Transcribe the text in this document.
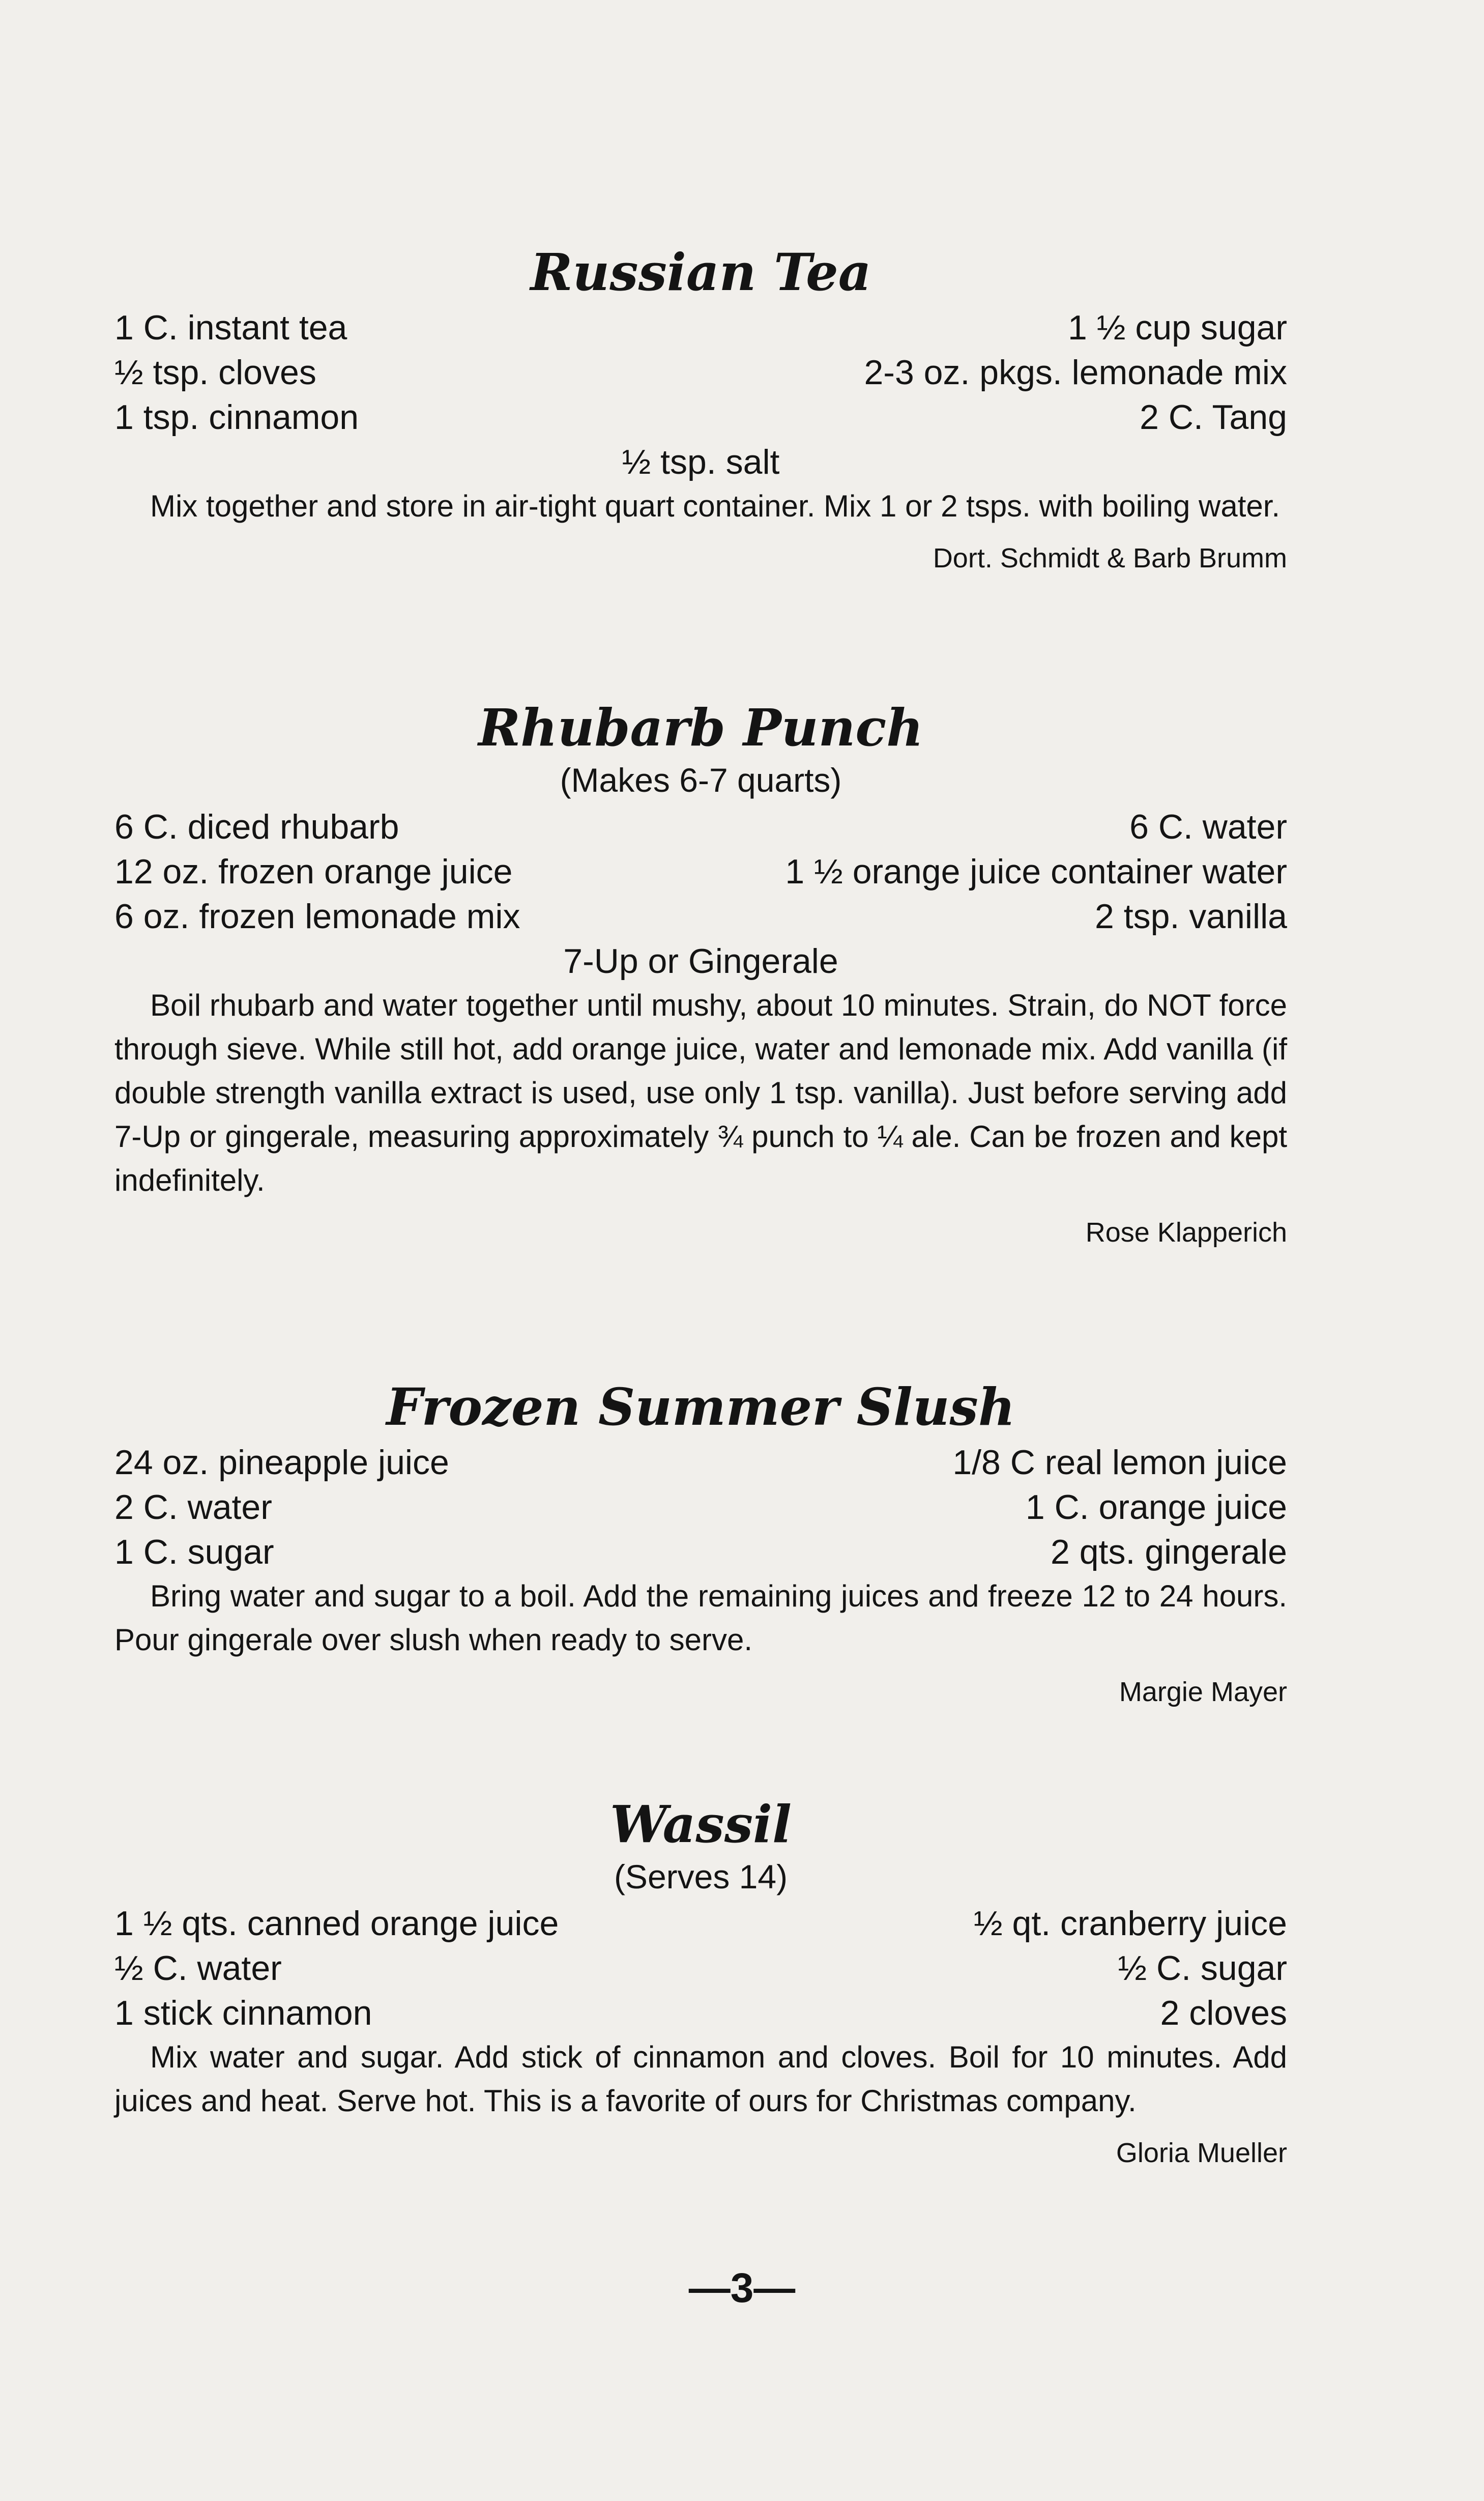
Russian Tea
1 C. instant tea	1 ½ cup sugar
½ tsp. cloves	2-3 oz. pkgs. lemonade mix
1 tsp. cinnamon	2 C. Tang
½ tsp. salt

Mix together and store in air-tight quart container. Mix 1 or 2 tsps. with boiling water.

Dort. Schmidt & Barb Brumm
Rhubarb Punch
(Makes 6-7 quarts)
6 C. diced rhubarb	6 C. water
12 oz. frozen orange juice	1 ½ orange juice container water
6 oz. frozen lemonade mix	2 tsp. vanilla
7-Up or Gingerale

Boil rhubarb and water together until mushy, about 10 minutes. Strain, do NOT force through sieve. While still hot, add orange juice, water and lemonade mix. Add vanilla (if double strength vanilla extract is used, use only 1 tsp. vanilla). Just before serving add 7-Up or gingerale, measuring approximately ¾ punch to ¼ ale. Can be frozen and kept indefinitely.

Rose Klapperich
Frozen Summer Slush
24 oz. pineapple juice	1/8 C real lemon juice
2 C. water	1 C. orange juice
1 C. sugar	2 qts. gingerale

Bring water and sugar to a boil. Add the remaining juices and freeze 12 to 24 hours. Pour gingerale over slush when ready to serve.

Margie Mayer
Wassil
(Serves 14)
1 ½ qts. canned orange juice	½ qt. cranberry juice
½ C. water	½ C. sugar
1 stick cinnamon	2 cloves

Mix water and sugar. Add stick of cinnamon and cloves. Boil for 10 minutes. Add juices and heat. Serve hot. This is a favorite of ours for Christmas company.

Gloria Mueller
—3—
